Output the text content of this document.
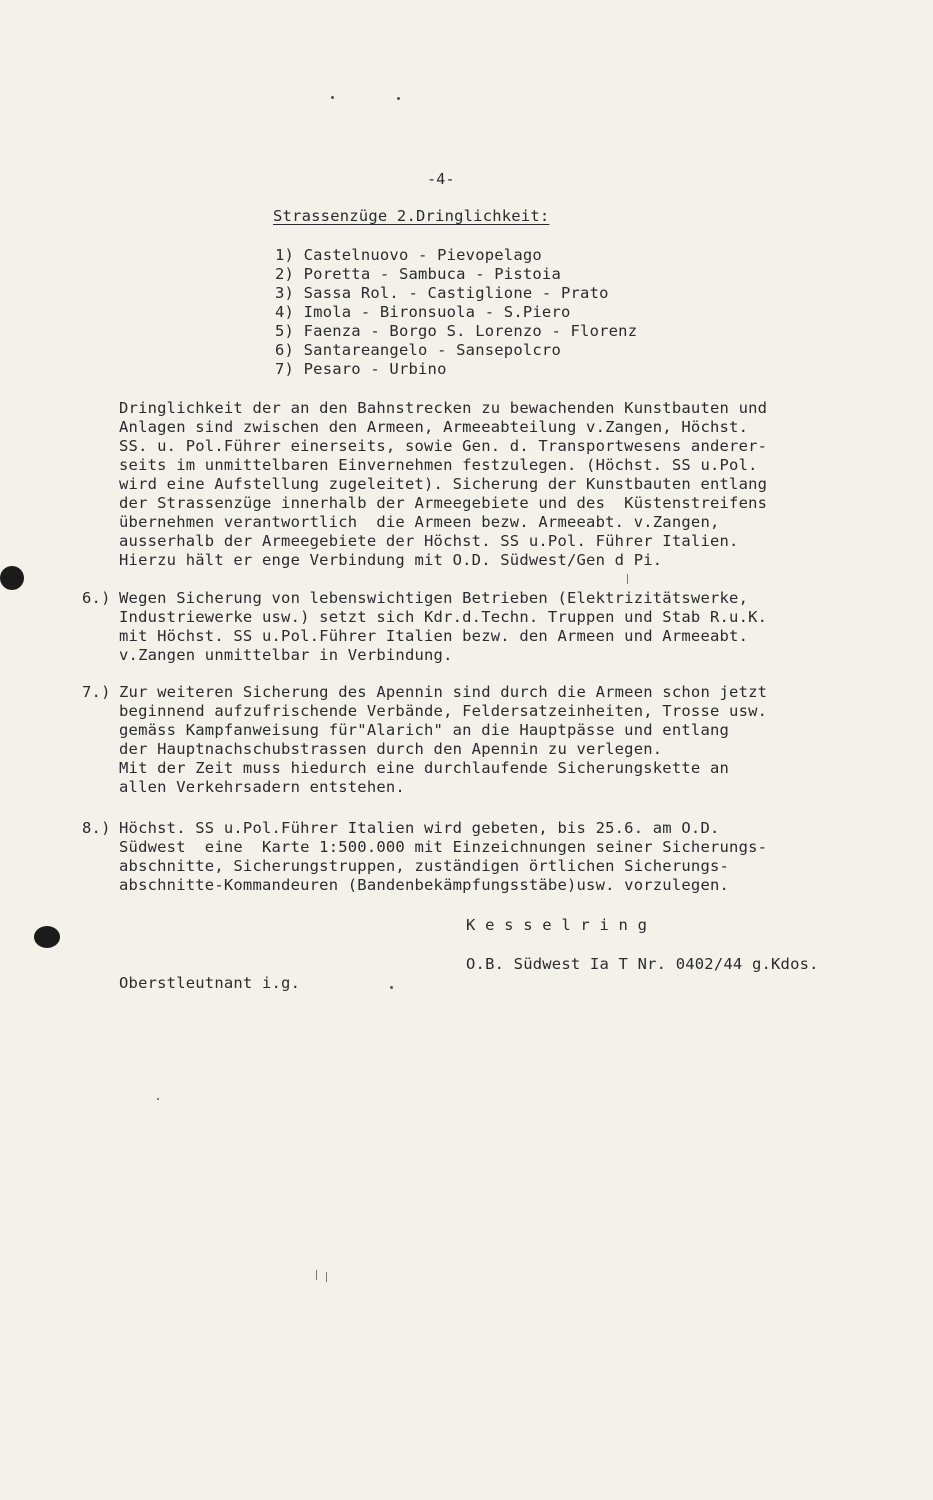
-4-
Strassenzüge 2.Dringlichkeit:
1) Castelnuovo - Pievopelago
2) Poretta - Sambuca - Pistoia
3) Sassa Rol. - Castiglione - Prato
4) Imola - Bironsuola - S.Piero
5) Faenza - Borgo S. Lorenzo - Florenz
6) Santareangelo - Sansepolcro
7) Pesaro - Urbino
Dringlichkeit der an den Bahnstrecken zu bewachenden Kunstbauten und
Anlagen sind zwischen den Armeen, Armeeabteilung v.Zangen, Höchst.
SS. u. Pol.Führer einerseits, sowie Gen. d. Transportwesens anderer-
seits im unmittelbaren Einvernehmen festzulegen. (Höchst. SS u.Pol.
wird eine Aufstellung zugeleitet). Sicherung der Kunstbauten entlang
der Strassenzüge innerhalb der Armeegebiete und des  Küstenstreifens
übernehmen verantwortlich  die Armeen bezw. Armeeabt. v.Zangen,
ausserhalb der Armeegebiete der Höchst. SS u.Pol. Führer Italien.
Hierzu hält er enge Verbindung mit O.D. Südwest/Gen d Pi.
6.) Wegen Sicherung von lebenswichtigen Betrieben (Elektrizitätswerke,
Industriewerke usw.) setzt sich Kdr.d.Techn. Truppen und Stab R.u.K.
mit Höchst. SS u.Pol.Führer Italien bezw. den Armeen und Armeeabt.
v.Zangen unmittelbar in Verbindung.
7.) Zur weiteren Sicherung des Apennin sind durch die Armeen schon jetzt
beginnend aufzufrischende Verbände, Feldersatzeinheiten, Trosse usw.
gemäss Kampfanweisung für"Alarich" an die Hauptpässe und entlang
der Hauptnachschubstrassen durch den Apennin zu verlegen.
Mit der Zeit muss hiedurch eine durchlaufende Sicherungskette an
allen Verkehrsadern entstehen.
8.) Höchst. SS u.Pol.Führer Italien wird gebeten, bis 25.6. am O.D.
Südwest  eine  Karte 1:500.000 mit Einzeichnungen seiner Sicherungs-
abschnitte, Sicherungstruppen, zuständigen örtlichen Sicherungs-
abschnitte-Kommandeuren (Bandenbekämpfungsstäbe)usw. vorzulegen.
K e s s e l r i n g
O.B. Südwest Ia T Nr. 0402/44 g.Kdos.
Oberstleutnant i.g.
